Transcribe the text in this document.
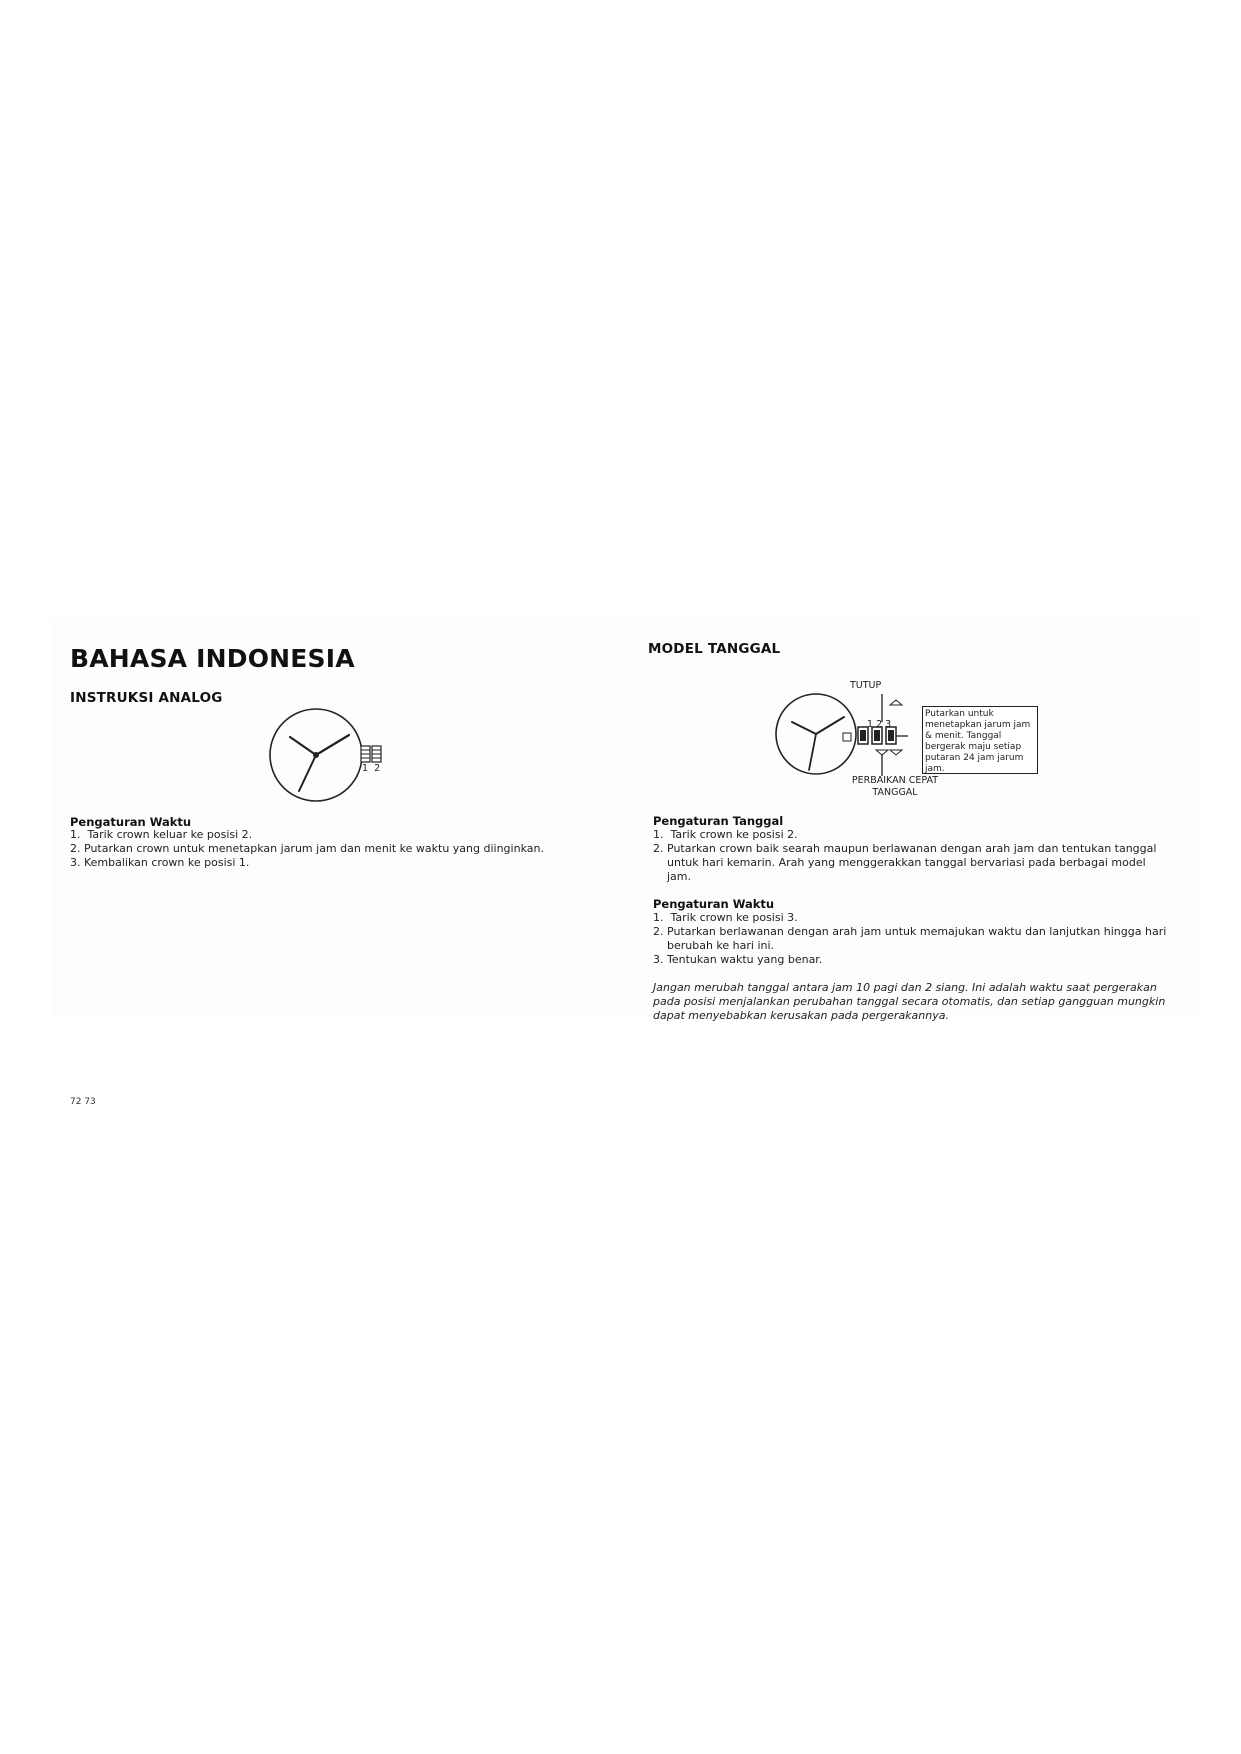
BAHASA INDONESIA
INSTRUKSI ANALOG
1  2
Pengaturan Waktu
1. Tarik crown keluar ke posisi 2.
2. Putarkan crown untuk menetapkan jarum jam dan menit ke waktu yang diinginkan.
3. Kembalikan crown ke posisi 1.
72 73
MODEL TANGGAL
TUTUP
1 2 3
Putarkan untuk menetapkan jarum jam & menit. Tanggal bergerak maju setiap putaran 24 jam jarum jam.
PERBAIKAN CEPAT
TANGGAL
Pengaturan Tanggal
1. Tarik crown ke posisi 2.
2. Putarkan crown baik searah maupun berlawanan dengan arah jam dan tentukan tanggal untuk hari kemarin. Arah yang menggerakkan tanggal bervariasi pada berbagai model jam.
Pengaturan Waktu
1. Tarik crown ke posisi 3.
2. Putarkan berlawanan dengan arah jam untuk memajukan waktu dan lanjutkan hingga hari berubah ke hari ini.
3. Tentukan waktu yang benar.
Jangan merubah tanggal antara jam 10 pagi dan 2 siang. Ini adalah waktu saat pergerakan pada posisi menjalankan perubahan tanggal secara otomatis, dan setiap gangguan mungkin dapat menyebabkan kerusakan pada pergerakannya.
